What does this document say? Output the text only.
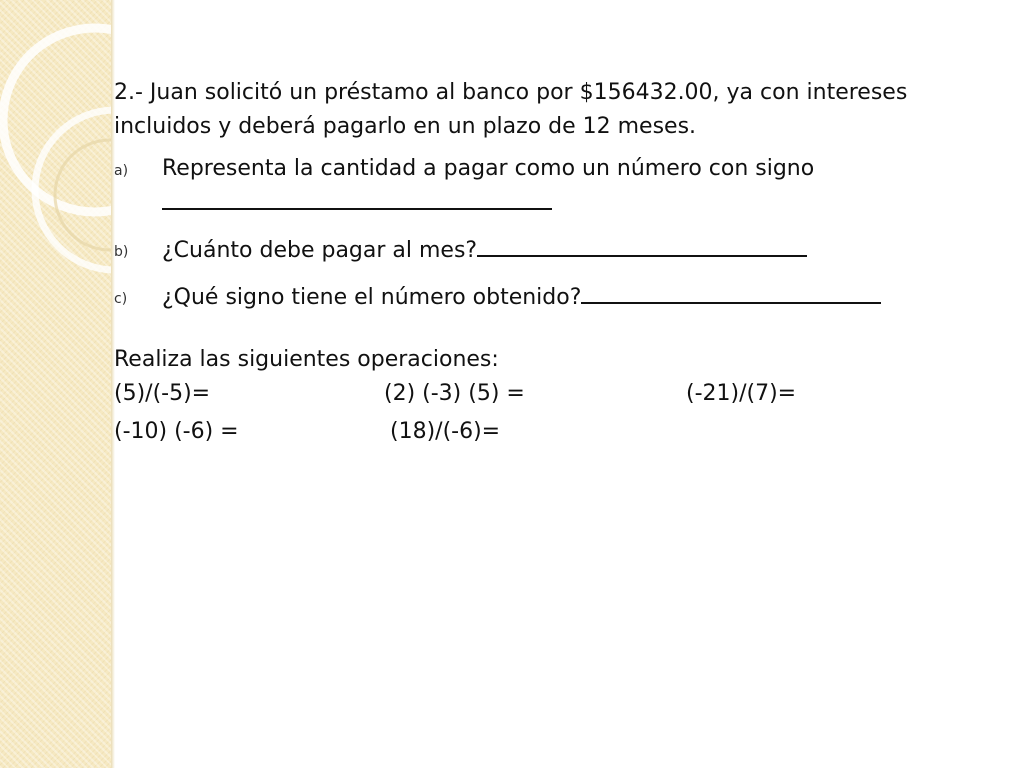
2.- Juan solicitó un préstamo al banco por $156432.00, ya con intereses incluidos y deberá pagarlo en un plazo de 12 meses.

a) Representa la cantidad a pagar como un número con signo
b) ¿Cuánto debe pagar al mes?
c) ¿Qué signo tiene el número obtenido?
Realiza las siguientes operaciones:
(5)/(-5)=	(2) (-3) (5) =	(-21)/(7)=
(-10) (-6) =	(18)/(-6)=
